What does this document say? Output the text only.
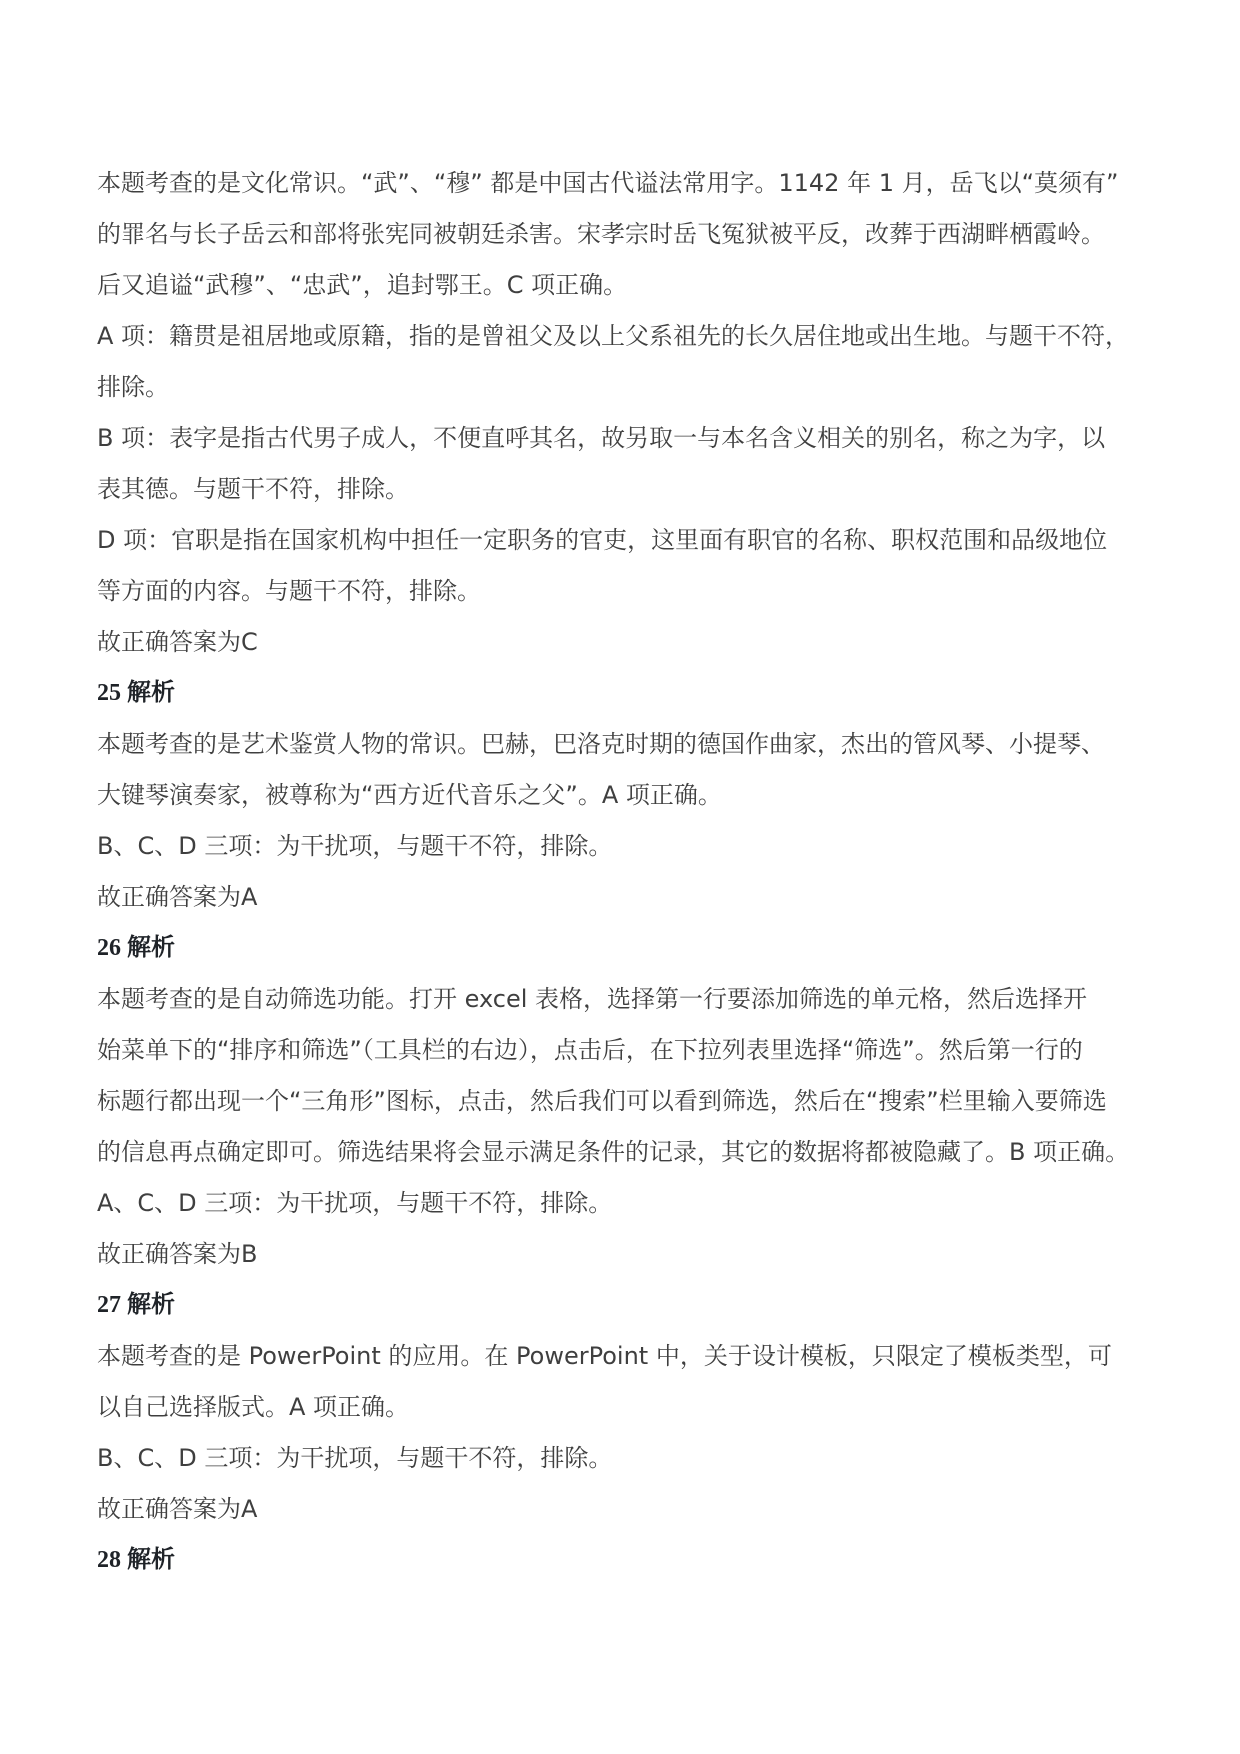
本题考查的是文化常识。“武”、“穆” 都是中国古代谥法常用字。1142 年 1 月，岳飞以“莫须有”
的罪名与长子岳云和部将张宪同被朝廷杀害。宋孝宗时岳飞冤狱被平反，改葬于西湖畔栖霞岭。
后又追谥“武穆”、“忠武”，追封鄂王。C 项正确。
A 项：籍贯是祖居地或原籍，指的是曾祖父及以上父系祖先的长久居住地或出生地。与题干不符，
排除。
B 项：表字是指古代男子成人，不便直呼其名，故另取一与本名含义相关的别名，称之为字，以
表其德。与题干不符，排除。
D 项：官职是指在国家机构中担任一定职务的官吏，这里面有职官的名称、职权范围和品级地位
等方面的内容。与题干不符，排除。
故正确答案为C
25 解析
本题考查的是艺术鉴赏人物的常识。巴赫，巴洛克时期的德国作曲家，杰出的管风琴、小提琴、
大键琴演奏家，被尊称为“西方近代音乐之父”。A 项正确。
B、C、D 三项：为干扰项，与题干不符，排除。
故正确答案为A
26 解析
本题考查的是自动筛选功能。打开 excel 表格，选择第一行要添加筛选的单元格，然后选择开
始菜单下的“排序和筛选”（工具栏的右边），点击后，在下拉列表里选择“筛选”。然后第一行的
标题行都出现一个“三角形”图标，点击，然后我们可以看到筛选，然后在“搜索”栏里输入要筛选
的信息再点确定即可。筛选结果将会显示满足条件的记录，其它的数据将都被隐藏了。B 项正确。
A、C、D 三项：为干扰项，与题干不符，排除。
故正确答案为B
27 解析
本题考查的是 PowerPoint 的应用。在 PowerPoint 中，关于设计模板，只限定了模板类型，可
以自己选择版式。A 项正确。
B、C、D 三项：为干扰项，与题干不符，排除。
故正确答案为A
28 解析
